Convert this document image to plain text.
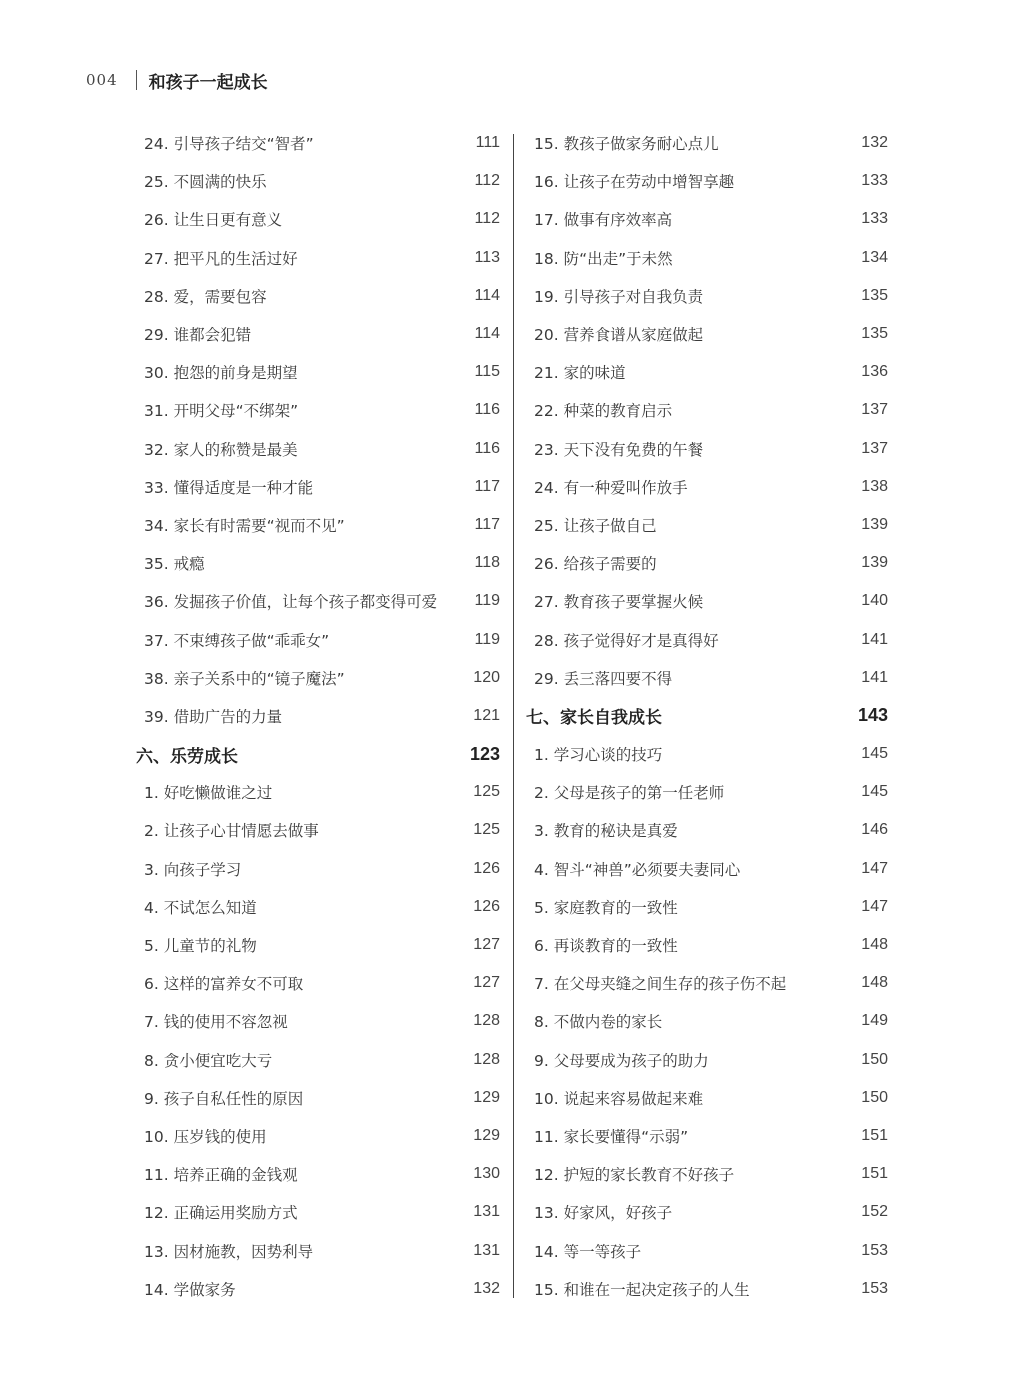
004 和孩子一起成长
24. 引导孩子结交“智者”	111
25. 不圆满的快乐	112
26. 让生日更有意义	112
27. 把平凡的生活过好	113
28. 爱，需要包容	114
29. 谁都会犯错	114
30. 抱怨的前身是期望	115
31. 开明父母“不绑架”	116
32. 家人的称赞是最美	116
33. 懂得适度是一种才能	117
34. 家长有时需要“视而不见”	117
35. 戒瘾	118
36. 发掘孩子价值，让每个孩子都变得可爱 119
37. 不束缚孩子做“乖乖女”	119
38. 亲子关系中的“镜子魔法”	120
39. 借助广告的力量	121
六、乐劳成长	123
1. 好吃懒做谁之过	125
2. 让孩子心甘情愿去做事	125
3. 向孩子学习	126
4. 不试怎么知道	126
5. 儿童节的礼物	127
6. 这样的富养女不可取	127
7. 钱的使用不容忽视	128
8. 贪小便宜吃大亏	128
9. 孩子自私任性的原因	129
10. 压岁钱的使用	129
11. 培养正确的金钱观	130
12. 正确运用奖励方式	131
13. 因材施教，因势利导	131
14. 学做家务	132
15. 教孩子做家务耐心点儿	132
16. 让孩子在劳动中增智享趣	133
17. 做事有序效率高	133
18. 防“出走”于未然	134
19. 引导孩子对自我负责	135
20. 营养食谱从家庭做起	135
21. 家的味道	136
22. 种菜的教育启示	137
23. 天下没有免费的午餐	137
24. 有一种爱叫作放手	138
25. 让孩子做自己	139
26. 给孩子需要的	139
27. 教育孩子要掌握火候	140
28. 孩子觉得好才是真得好	141
29. 丢三落四要不得	141
七、家长自我成长	143
1. 学习心谈的技巧	145
2. 父母是孩子的第一任老师	145
3. 教育的秘诀是真爱	146
4. 智斗“神兽”必须要夫妻同心	147
5. 家庭教育的一致性	147
6. 再谈教育的一致性	148
7. 在父母夹缝之间生存的孩子伤不起	148
8. 不做内卷的家长	149
9. 父母要成为孩子的助力	150
10. 说起来容易做起来难	150
11. 家长要懂得“示弱”	151
12. 护短的家长教育不好孩子	151
13. 好家风，好孩子	152
14. 等一等孩子	153
15. 和谁在一起决定孩子的人生	153
